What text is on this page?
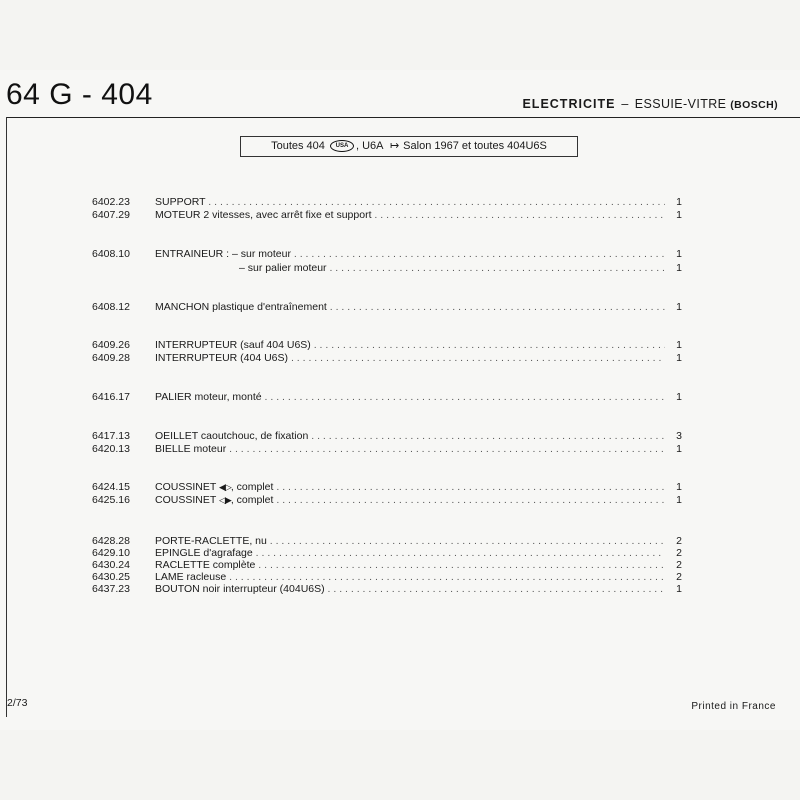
64 G - 404	ELECTRICITE – ESSUIE-VITRE (BOSCH)
Toutes 404 USA , U6A ↦ Salon 1967 et toutes 404U6S
6402.23 SUPPORT . . .	1
6407.29 MOTEUR 2 vitesses, avec arrêt fixe et support . . .	1
6408.10 ENTRAINEUR : – sur moteur . . .	1
– sur palier moteur . . .	1
6408.12 MANCHON plastique d'entraînement . . .	1
6409.26 INTERRUPTEUR (sauf 404 U6S) . . .	1
6409.28 INTERRUPTEUR (404 U6S) . . .	1
6416.17 PALIER moteur, monté . . .	1
6417.13 OEILLET caoutchouc, de fixation . . .	3
6420.13 BIELLE moteur . . .	1
6424.15 COUSSINET ◀▷, complet . . .	1
6425.16 COUSSINET ◁▶, complet . . .	1
6428.28 PORTE-RACLETTE, nu . . .	2
6429.10 EPINGLE d'agrafage . . .	2
6430.24 RACLETTE complète . . .	2
6430.25 LAME racleuse . . .	2
6437.23 BOUTON noir interrupteur (404U6S) . . .	1
2/73	Printed in France
